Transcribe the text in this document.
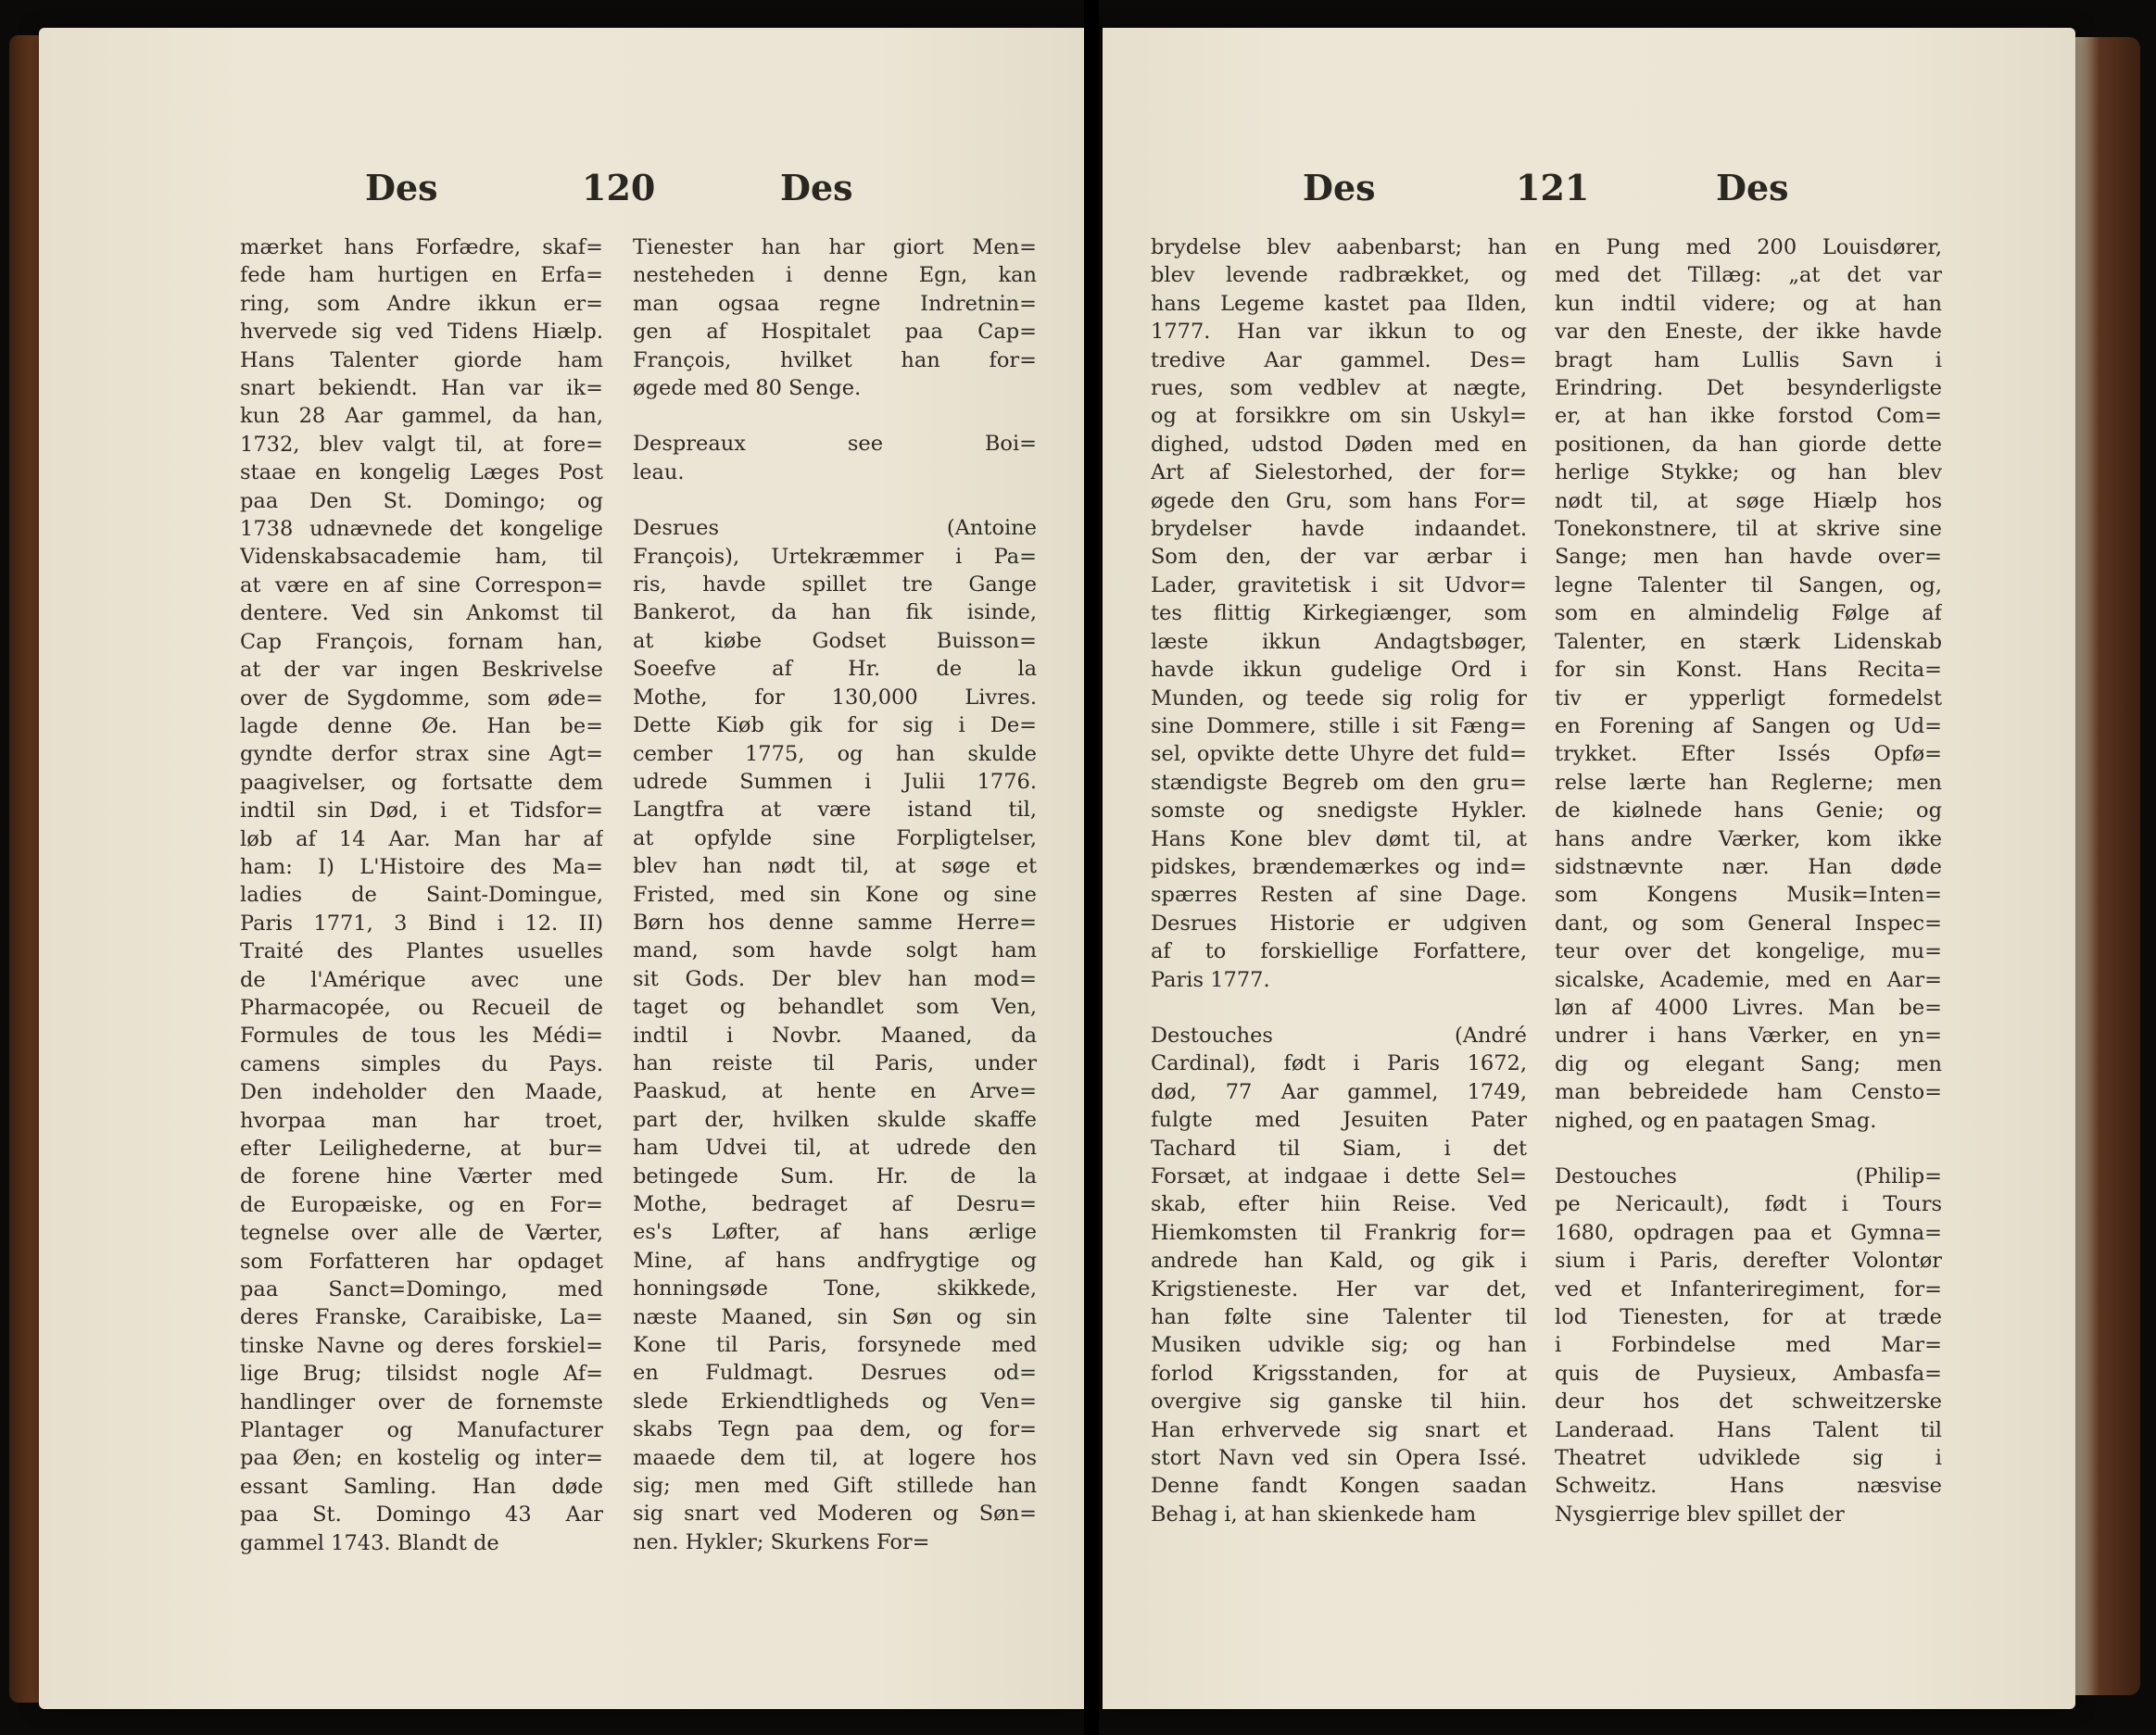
Des	120	Des
mærket hans Forfædre, skaf=
fede ham hurtigen en Erfa=
ring, som Andre ikkun er=
hvervede sig ved Tidens Hiælp.
Hans Talenter giorde ham
snart bekiendt. Han var ik=
kun 28 Aar gammel, da han,
1732, blev valgt til, at fore=
staae en kongelig Læges Post
paa Den St. Domingo; og
1738 udnævnede det kongelige
Videnskabsacademie ham, til
at være en af sine Correspon=
dentere. Ved sin Ankomst til
Cap François, fornam han,
at der var ingen Beskrivelse
over de Sygdomme, som øde=
lagde denne Øe. Han be=
gyndte derfor strax sine Agt=
paagivelser, og fortsatte dem
indtil sin Død, i et Tidsfor=
løb af 14 Aar. Man har af
ham: I) L'Histoire des Ma=
ladies de Saint-Domingue,
Paris 1771, 3 Bind i 12. II)
Traité des Plantes usuelles
de l'Amérique avec une
Pharmacopée, ou Recueil de
Formules de tous les Médi=
camens simples du Pays.
Den indeholder den Maade,
hvorpaa man har troet,
efter Leilighederne, at bur=
de forene hine Værter med
de Europæiske, og en For=
tegnelse over alle de Værter,
som Forfatteren har opdaget
paa Sanct=Domingo, med
deres Franske, Caraibiske, La=
tinske Navne og deres forskiel=
lige Brug; tilsidst nogle Af=
handlinger over de fornemste
Plantager og Manufacturer
paa Øen; en kostelig og inter=
essant Samling. Han døde
paa St. Domingo 43 Aar
gammel 1743. Blandt de
Tienester han har giort Men=
nesteheden i denne Egn, kan
man ogsaa regne Indretnin=
gen af Hospitalet paa Cap=
François, hvilket han for=
øgede med 80 Senge.
Despreaux see Boi=
leau.
Desrues (Antoine
François), Urtekræmmer i Pa=
ris, havde spillet tre Gange
Bankerot, da han fik isinde,
at kiøbe Godset Buisson=
Soeefve af Hr. de la
Mothe, for 130,000 Livres.
Dette Kiøb gik for sig i De=
cember 1775, og han skulde
udrede Summen i Julii 1776.
Langtfra at være istand til,
at opfylde sine Forpligtelser,
blev han nødt til, at søge et
Fristed, med sin Kone og sine
Børn hos denne samme Herre=
mand, som havde solgt ham
sit Gods. Der blev han mod=
taget og behandlet som Ven,
indtil i Novbr. Maaned, da
han reiste til Paris, under
Paaskud, at hente en Arve=
part der, hvilken skulde skaffe
ham Udvei til, at udrede den
betingede Sum. Hr. de la
Mothe, bedraget af Desru=
es's Løfter, af hans ærlige
Mine, af hans andfrygtige og
honningsøde Tone, skikkede,
næste Maaned, sin Søn og sin
Kone til Paris, forsynede med
en Fuldmagt. Desrues od=
slede Erkiendtligheds og Ven=
skabs Tegn paa dem, og for=
maaede dem til, at logere hos
sig; men med Gift stillede han
sig snart ved Moderen og Søn=
nen. Hykler; Skurkens For=
Des	121	Des
brydelse blev aabenbarst; han
blev levende radbrækket, og
hans Legeme kastet paa Ilden,
1777. Han var ikkun to og
tredive Aar gammel. Des=
rues, som vedblev at nægte,
og at forsikkre om sin Uskyl=
dighed, udstod Døden med en
Art af Sielestorhed, der for=
øgede den Gru, som hans For=
brydelser havde indaandet.
Som den, der var ærbar i
Lader, gravitetisk i sit Udvor=
tes flittig Kirkegiænger, som
læste ikkun Andagtsbøger,
havde ikkun gudelige Ord i
Munden, og teede sig rolig for
sine Dommere, stille i sit Fæng=
sel, opvikte dette Uhyre det fuld=
stændigste Begreb om den gru=
somste og snedigste Hykler.
Hans Kone blev dømt til, at
pidskes, brændemærkes og ind=
spærres Resten af sine Dage.
Desrues Historie er udgiven
af to forskiellige Forfattere,
Paris 1777.
Destouches (André
Cardinal), født i Paris 1672,
død, 77 Aar gammel, 1749,
fulgte med Jesuiten Pater
Tachard til Siam, i det
Forsæt, at indgaae i dette Sel=
skab, efter hiin Reise. Ved
Hiemkomsten til Frankrig for=
andrede han Kald, og gik i
Krigstieneste. Her var det,
han følte sine Talenter til
Musiken udvikle sig; og han
forlod Krigsstanden, for at
overgive sig ganske til hiin.
Han erhvervede sig snart et
stort Navn ved sin Opera Issé.
Denne fandt Kongen saadan
Behag i, at han skienkede ham
en Pung med 200 Louisdører,
med det Tillæg: „at det var
kun indtil videre; og at han
var den Eneste, der ikke havde
bragt ham Lullis Savn i
Erindring. Det besynderligste
er, at han ikke forstod Com=
positionen, da han giorde dette
herlige Stykke; og han blev
nødt til, at søge Hiælp hos
Tonekonstnere, til at skrive sine
Sange; men han havde over=
legne Talenter til Sangen, og,
som en almindelig Følge af
Talenter, en stærk Lidenskab
for sin Konst. Hans Recita=
tiv er ypperligt formedelst
en Forening af Sangen og Ud=
trykket. Efter Issés Opfø=
relse lærte han Reglerne; men
de kiølnede hans Genie; og
hans andre Værker, kom ikke
sidstnævnte nær. Han døde
som Kongens Musik=Inten=
dant, og som General Inspec=
teur over det kongelige, mu=
sicalske, Academie, med en Aar=
løn af 4000 Livres. Man be=
undrer i hans Værker, en yn=
dig og elegant Sang; men
man bebreidede ham Censto=
nighed, og en paatagen Smag.
Destouches (Philip=
pe Nericault), født i Tours
1680, opdragen paa et Gymna=
sium i Paris, derefter Volontør
ved et Infanteriregiment, for=
lod Tienesten, for at træde
i Forbindelse med Mar=
quis de Puysieux, Ambasfa=
deur hos det schweitzerske
Landeraad. Hans Talent til
Theatret udviklede sig i
Schweitz. Hans næsvise
Nysgierrige blev spillet der
